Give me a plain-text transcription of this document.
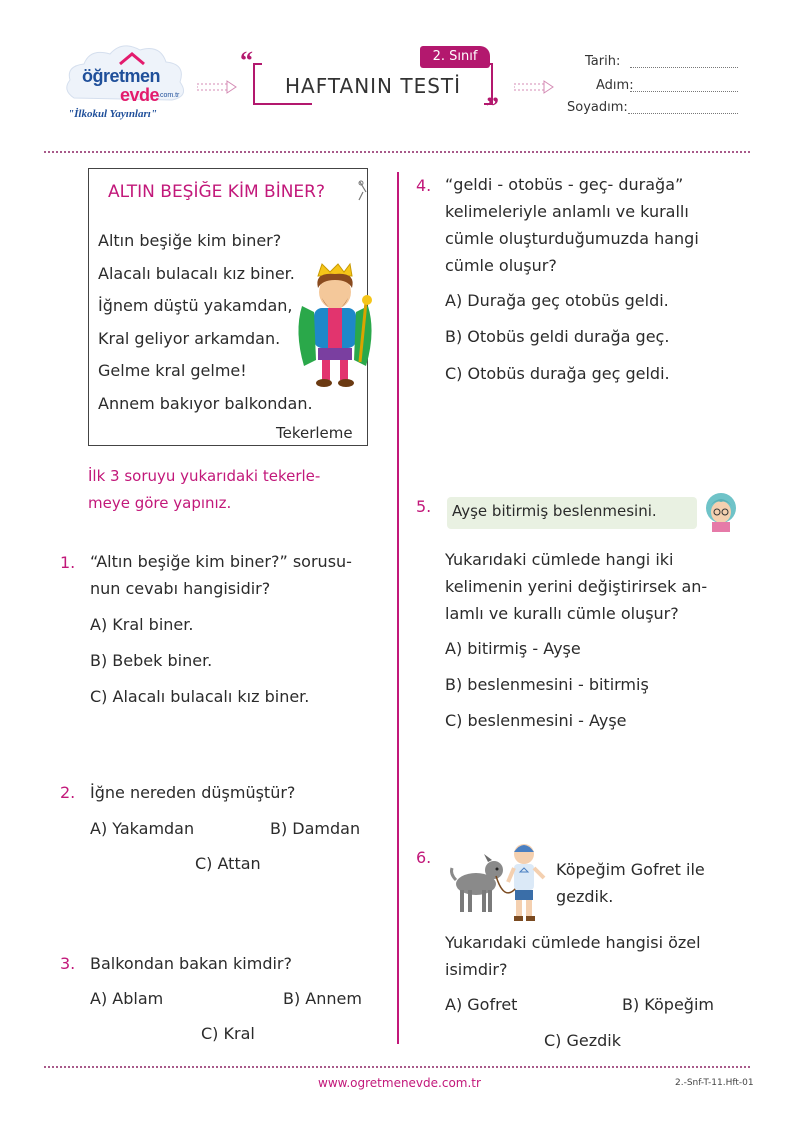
öğretmen
evde
.com.tr
"İlkokul Yayınları"
“
”
2. Sınıf
HAFTANIN TESTİ
Tarih:
Adım:
Soyadım:
ALTIN BEŞİĞE KİM BİNER?
Altın beşiğe kim biner?
Alacalı bulacalı kız biner.
İğnem düştü yakamdan,
Kral geliyor arkamdan.
Gelme kral gelme!
Annem bakıyor balkondan.
Tekerleme
İlk 3 soruyu yukarıdaki tekerle-
meye göre yapınız.
1. “Altın beşiğe kim biner?” sorusu-
nun cevabı hangisidir?
A) Kral biner.
B) Bebek biner.
C) Alacalı bulacalı kız biner.
2. İğne nereden düşmüştür?
A) Yakamdan	B) Damdan
C) Attan
3. Balkondan bakan kimdir?
A) Ablam	B) Annem
C) Kral
4. “geldi - otobüs - geç- durağa”
kelimeleriyle anlamlı ve kurallı
cümle oluşturduğumuzda hangi
cümle oluşur?
A) Durağa geç otobüs geldi.
B) Otobüs geldi durağa geç.
C) Otobüs durağa geç geldi.
5. Ayşe bitirmiş beslenmesini.
Yukarıdaki cümlede hangi iki
kelimenin yerini değiştirirsek an-
lamlı ve kurallı cümle oluşur?
A) bitirmiş - Ayşe
B) beslenmesini - bitirmiş
C) beslenmesini - Ayşe
6.
Köpeğim Gofret ile
gezdik.
Yukarıdaki cümlede hangisi özel
isimdir?
A) Gofret	B) Köpeğim
C) Gezdik
www.ogretmenevde.com.tr	2.-Snf-T-11.Hft-01
